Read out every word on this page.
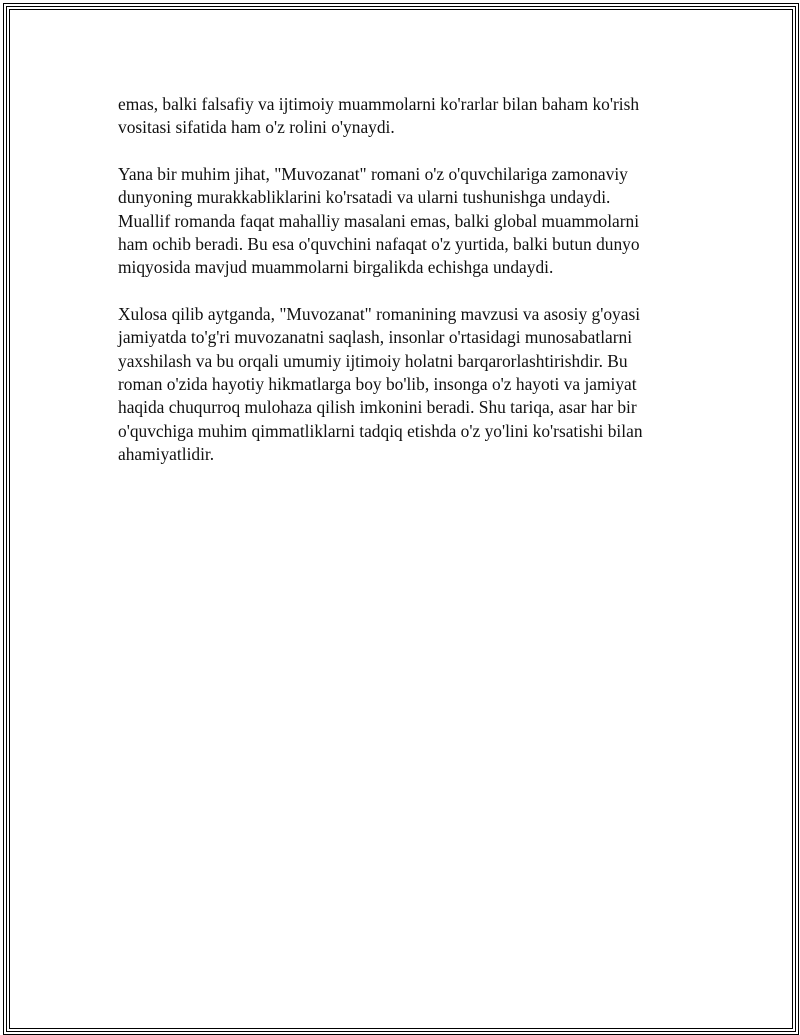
emas, balki falsafiy va ijtimoiy muammolarni ko'rarlar bilan baham ko'rish
vositasi sifatida ham o'z rolini o'ynaydi.

Yana bir muhim jihat, "Muvozanat" romani o'z o'quvchilariga zamonaviy
dunyoning murakkabliklarini ko'rsatadi va ularni tushunishga undaydi.
Muallif romanda faqat mahalliy masalani emas, balki global muammolarni
ham ochib beradi. Bu esa o'quvchini nafaqat o'z yurtida, balki butun dunyo
miqyosida mavjud muammolarni birgalikda echishga undaydi.

Xulosa qilib aytganda, "Muvozanat" romanining mavzusi va asosiy g'oyasi
jamiyatda to'g'ri muvozanatni saqlash, insonlar o'rtasidagi munosabatlarni
yaxshilash va bu orqali umumiy ijtimoiy holatni barqarorlashtirishdir. Bu
roman o'zida hayotiy hikmatlarga boy bo'lib, insonga o'z hayoti va jamiyat
haqida chuqurroq mulohaza qilish imkonini beradi. Shu tariqa, asar har bir
o'quvchiga muhim qimmatliklarni tadqiq etishda o'z yo'lini ko'rsatishi bilan
ahamiyatlidir.
